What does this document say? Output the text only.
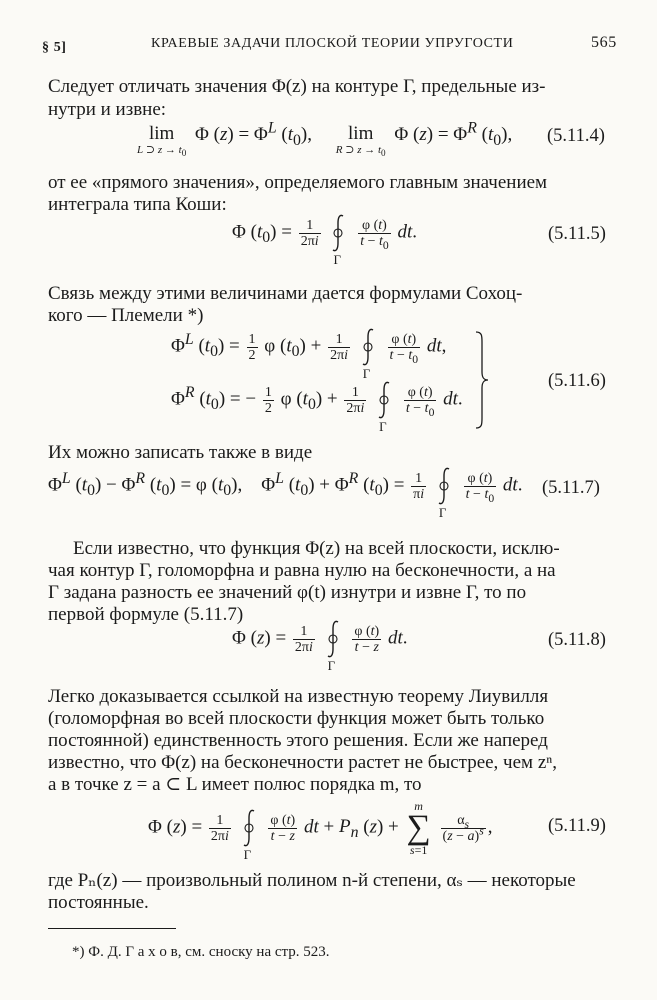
§ 5]	КРАЕВЫЕ ЗАДАЧИ ПЛОСКОЙ ТЕОРИИ УПРУГОСТИ	565
Следует отличать значения Φ(z) на контуре Γ, предельные из-
нутри и извне:
lim
L ⊃ $z \to t_0$
Φ $(z) = \Phi^L$ $(t_0)$, lim
R ⊃ $z \to t_0$
Φ $(z) = \Phi^R$ $(t_0)$, (5.11.4)
от ее «прямого значения», определяемого главным значением
интеграла типа Коши:
Φ $(t_0) = \frac{1}{2\pi i}$

Γ

$\frac{\varphi (t)}{t - t_0}$ dt.	(5.11.5)
Связь между этими величинами дается формулами Сохоц-
кого — Племели *)
$\Phi^L$ $(t_0) = \frac{1}{2}$ φ $(t_0) + \frac{1}{2\pi i}$

Γ

$\frac{\varphi (t)}{t - t_0}$ dt,
$\Phi^R$ $(t_0)$ = − $\frac{1}{2}$ φ $(t_0) + \frac{1}{2\pi i}$

Γ

$\frac{\varphi (t)}{t - t_0}$ dt.
(5.11.6)
Их можно записать также в виде
$\Phi^L$ $(t_0) - \Phi^R$ $(t_0) = \varphi$ $(t_0)$,    $\Phi^L$ $(t_0) + \Phi^R$ $(t_0) = \frac{1}{\pi i}$

Γ

$\frac{\varphi (t)}{t - t_0}$ dt. (5.11.7)
Если известно, что функция Φ(z) на всей плоскости, исклю-
чая контур Γ, голоморфна и равна нулю на бесконечности, а на
Γ задана разность ее значений φ(t) изнутри и извне Γ, то по
первой формуле (5.11.7)
Φ $(z) = \frac{1}{2\pi i}$

Γ

$\frac{\varphi (t)}{t - z}$ dt.	(5.11.8)
Легко доказывается ссылкой на известную теорему Лиувилля
(голоморфная во всей плоскости функция может быть только
постоянной) единственность этого решения. Если же наперед
известно, что Φ(z) на бесконечности растет не быстрее, чем zⁿ,
а в точке z = a ⊂ L имеет полюс порядка m, то
Φ $(z) = \frac{1}{2\pi i}$

Γ

$\frac{\varphi (t)}{t - z}$ dt + $P_n$ (z) +
m
∑
s=1

$\frac{\alpha_s}{(z - a)^s}$ ,	(5.11.9)
где Pₙ(z) — произвольный полином n-й степени, αₛ — некоторые
постоянные.
*) Ф. Д. Г а х о в, см. сноску на стр. 523.
